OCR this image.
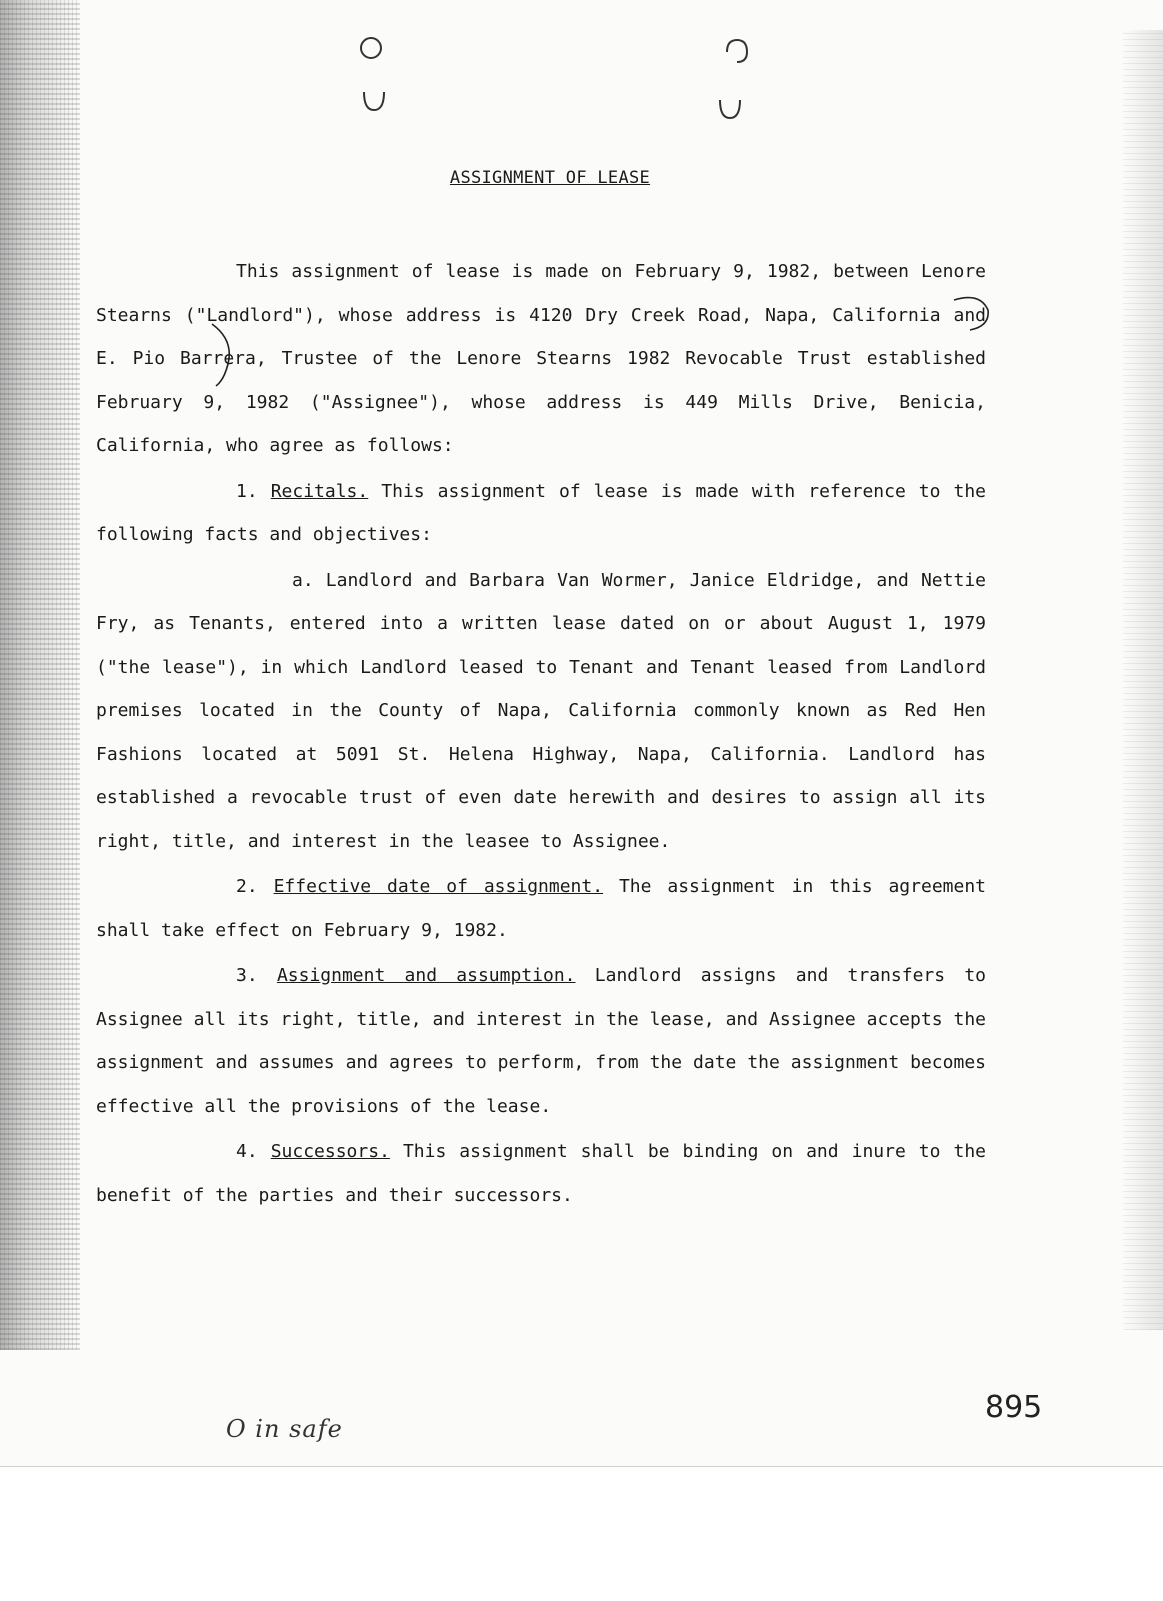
ASSIGNMENT OF LEASE

This assignment of lease is made on February 9, 1982, between Lenore Stearns ("Landlord"), whose address is 4120 Dry Creek Road, Napa, California and E. Pio Barrera, Trustee of the Lenore Stearns 1982 Revocable Trust established February 9, 1982 ("Assignee"), whose address is 449 Mills Drive, Benicia, California, who agree as follows:

1. Recitals. This assignment of lease is made with reference to the following facts and objectives:

a. Landlord and Barbara Van Wormer, Janice Eldridge, and Nettie Fry, as Tenants, entered into a written lease dated on or about August 1, 1979 ("the lease"), in which Landlord leased to Tenant and Tenant leased from Landlord premises located in the County of Napa, California commonly known as Red Hen Fashions located at 5091 St. Helena Highway, Napa, California. Landlord has established a revocable trust of even date herewith and desires to assign all its right, title, and interest in the leasee to Assignee.

2. Effective date of assignment. The assignment in this agreement shall take effect on February 9, 1982.

3. Assignment and assumption. Landlord assigns and transfers to Assignee all its right, title, and interest in the lease, and Assignee accepts the assignment and assumes and agrees to perform, from the date the assignment becomes effective all the provisions of the lease.

4. Successors. This assignment shall be binding on and inure to the benefit of the parties and their successors.

895
O in safe
